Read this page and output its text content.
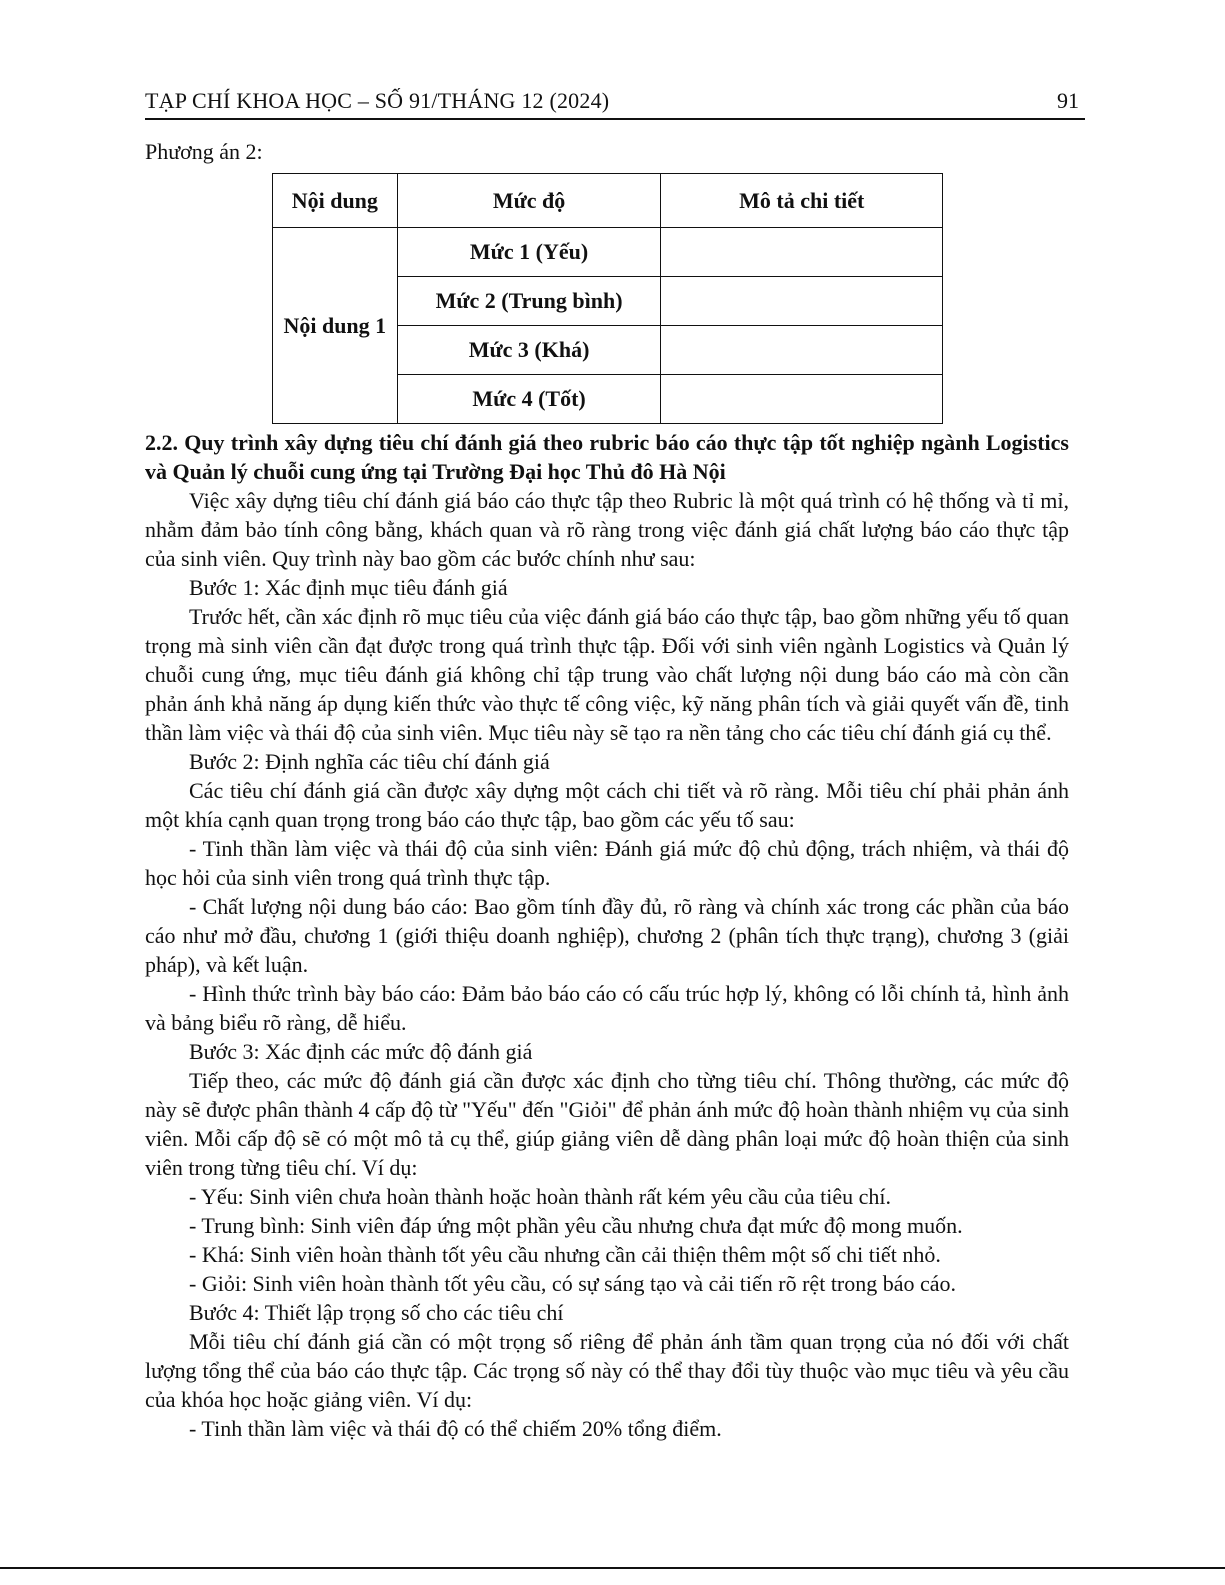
TẠP CHÍ KHOA HỌC – SỐ 91/THÁNG 12 (2024)	91
Phương án 2:
Nội dung	Mức độ	Mô tả chi tiết
Nội dung 1	Mức 1 (Yếu)	
	Mức 2 (Trung bình)	
	Mức 3 (Khá)	
	Mức 4 (Tốt)	
2.2. Quy trình xây dựng tiêu chí đánh giá theo rubric báo cáo thực tập tốt nghiệp ngành Logistics và Quản lý chuỗi cung ứng tại Trường Đại học Thủ đô Hà Nội

Việc xây dựng tiêu chí đánh giá báo cáo thực tập theo Rubric là một quá trình có hệ thống và tỉ mỉ, nhằm đảm bảo tính công bằng, khách quan và rõ ràng trong việc đánh giá chất lượng báo cáo thực tập của sinh viên. Quy trình này bao gồm các bước chính như sau:

Bước 1: Xác định mục tiêu đánh giá

Trước hết, cần xác định rõ mục tiêu của việc đánh giá báo cáo thực tập, bao gồm những yếu tố quan trọng mà sinh viên cần đạt được trong quá trình thực tập. Đối với sinh viên ngành Logistics và Quản lý chuỗi cung ứng, mục tiêu đánh giá không chỉ tập trung vào chất lượng nội dung báo cáo mà còn cần phản ánh khả năng áp dụng kiến thức vào thực tế công việc, kỹ năng phân tích và giải quyết vấn đề, tinh thần làm việc và thái độ của sinh viên. Mục tiêu này sẽ tạo ra nền tảng cho các tiêu chí đánh giá cụ thể.

Bước 2: Định nghĩa các tiêu chí đánh giá

Các tiêu chí đánh giá cần được xây dựng một cách chi tiết và rõ ràng. Mỗi tiêu chí phải phản ánh một khía cạnh quan trọng trong báo cáo thực tập, bao gồm các yếu tố sau:

- Tinh thần làm việc và thái độ của sinh viên: Đánh giá mức độ chủ động, trách nhiệm, và thái độ học hỏi của sinh viên trong quá trình thực tập.

- Chất lượng nội dung báo cáo: Bao gồm tính đầy đủ, rõ ràng và chính xác trong các phần của báo cáo như mở đầu, chương 1 (giới thiệu doanh nghiệp), chương 2 (phân tích thực trạng), chương 3 (giải pháp), và kết luận.

- Hình thức trình bày báo cáo: Đảm bảo báo cáo có cấu trúc hợp lý, không có lỗi chính tả, hình ảnh và bảng biểu rõ ràng, dễ hiểu.

Bước 3: Xác định các mức độ đánh giá

Tiếp theo, các mức độ đánh giá cần được xác định cho từng tiêu chí. Thông thường, các mức độ này sẽ được phân thành 4 cấp độ từ "Yếu" đến "Giỏi" để phản ánh mức độ hoàn thành nhiệm vụ của sinh viên. Mỗi cấp độ sẽ có một mô tả cụ thể, giúp giảng viên dễ dàng phân loại mức độ hoàn thiện của sinh viên trong từng tiêu chí. Ví dụ:

- Yếu: Sinh viên chưa hoàn thành hoặc hoàn thành rất kém yêu cầu của tiêu chí.

- Trung bình: Sinh viên đáp ứng một phần yêu cầu nhưng chưa đạt mức độ mong muốn.

- Khá: Sinh viên hoàn thành tốt yêu cầu nhưng cần cải thiện thêm một số chi tiết nhỏ.

- Giỏi: Sinh viên hoàn thành tốt yêu cầu, có sự sáng tạo và cải tiến rõ rệt trong báo cáo.

Bước 4: Thiết lập trọng số cho các tiêu chí

Mỗi tiêu chí đánh giá cần có một trọng số riêng để phản ánh tầm quan trọng của nó đối với chất lượng tổng thể của báo cáo thực tập. Các trọng số này có thể thay đổi tùy thuộc vào mục tiêu và yêu cầu của khóa học hoặc giảng viên. Ví dụ:

- Tinh thần làm việc và thái độ có thể chiếm 20% tổng điểm.
